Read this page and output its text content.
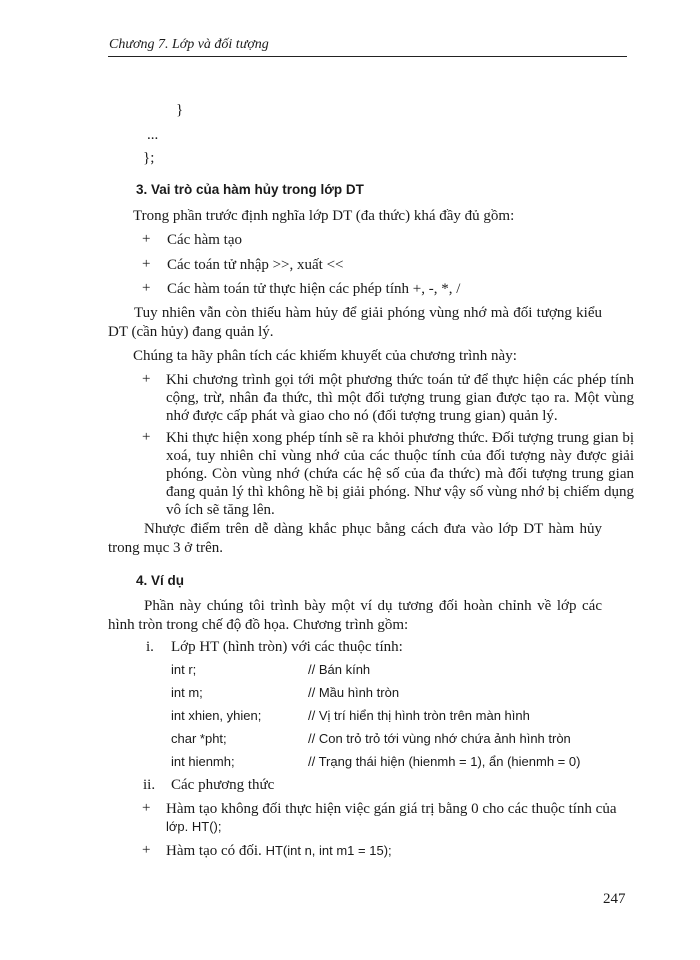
Chương 7. Lớp và đối tượng
}
...
};
3. Vai trò của hàm hủy trong lớp DT
Trong phần trước định nghĩa lớp DT (đa thức) khá đầy đủ gồm:
+ Các hàm tạo
+ Các toán tử nhập >>, xuất <<
+ Các hàm toán tử thực hiện các phép tính +, -, *, /
Tuy nhiên vẫn còn thiếu hàm hủy để giải phóng vùng nhớ mà đối tượng kiểu DT (cần hủy) đang quản lý.
Chúng ta hãy phân tích các khiếm khuyết của chương trình này:
+ Khi chương trình gọi tới một phương thức toán tử để thực hiện các phép tính cộng, trừ, nhân đa thức, thì một đối tượng trung gian được tạo ra. Một vùng nhớ được cấp phát và giao cho nó (đối tượng trung gian) quản lý.
+ Khi thực hiện xong phép tính sẽ ra khỏi phương thức. Đối tượng trung gian bị xoá, tuy nhiên chỉ vùng nhớ của các thuộc tính của đối tượng này được giải phóng. Còn vùng nhớ (chứa các hệ số của đa thức) mà đối tượng trung gian đang quản lý thì không hề bị giải phóng. Như vậy số vùng nhớ bị chiếm dụng vô ích sẽ tăng lên.
Nhược điểm trên dễ dàng khắc phục bằng cách đưa vào lớp DT hàm hủy trong mục 3 ở trên.
4. Ví dụ
Phần này chúng tôi trình bày một ví dụ tương đối hoàn chỉnh về lớp các hình tròn trong chế độ đồ họa. Chương trình gồm:
i. Lớp HT (hình tròn) với các thuộc tính:
int r;	// Bán kính
int m;	// Mầu hình tròn
int xhien, yhien;	// Vị trí hiển thị hình tròn trên màn hình
char *pht;	// Con trỏ trỏ tới vùng nhớ chứa ảnh hình tròn
int hienmh;	// Trạng thái hiện (hienmh = 1), ẩn (hienmh = 0)
ii. Các phương thức
+ Hàm tạo không đối thực hiện việc gán giá trị bằng 0 cho các thuộc tính của
lớp. HT();
+ Hàm tạo có đối. HT(int n, int m1 = 15);
247
